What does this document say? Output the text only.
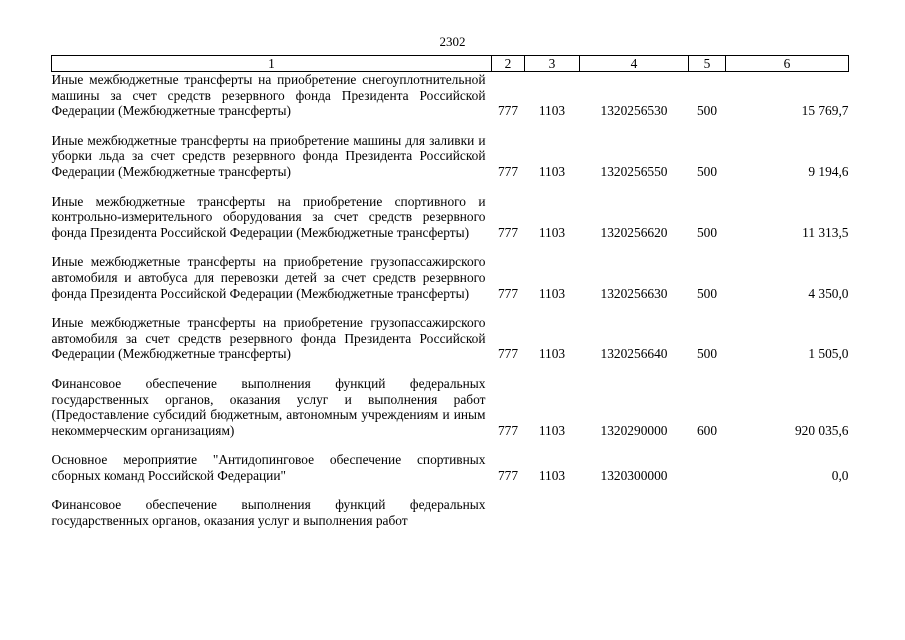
2302
1	2	3	4	5	6
Иные межбюджетные трансферты на приобретение снегоуплотнительной машины за счет средств резервного фонда Президента Российской Федерации (Межбюджетные трансферты)	777	1103	1320256530	500	15 769,7
Иные межбюджетные трансферты на приобретение машины для заливки и уборки льда за счет средств резервного фонда Президента Российской Федерации (Межбюджетные трансферты)	777	1103	1320256550	500	9 194,6
Иные межбюджетные трансферты на приобретение спортивного и контрольно-измерительного оборудования за счет средств резервного фонда Президента Российской Федерации (Межбюджетные трансферты)	777	1103	1320256620	500	11 313,5
Иные межбюджетные трансферты на приобретение грузопассажирского автомобиля и автобуса для перевозки детей за счет средств резервного фонда Президента Российской Федерации (Межбюджетные трансферты)	777	1103	1320256630	500	4 350,0
Иные межбюджетные трансферты на приобретение грузопассажирского автомобиля за счет средств резервного фонда Президента Российской Федерации (Межбюджетные трансферты)	777	1103	1320256640	500	1 505,0
Финансовое обеспечение выполнения функций федеральных государственных органов, оказания услуг и выполнения работ (Предоставление субсидий бюджетным, автономным учреждениям и иным некоммерческим организациям)	777	1103	1320290000	600	920 035,6
Основное мероприятие "Антидопинговое обеспечение спортивных сборных команд Российской Федерации"	777	1103	1320300000		0,0
Финансовое обеспечение выполнения функций федеральных государственных органов, оказания услуг и выполнения работ					
